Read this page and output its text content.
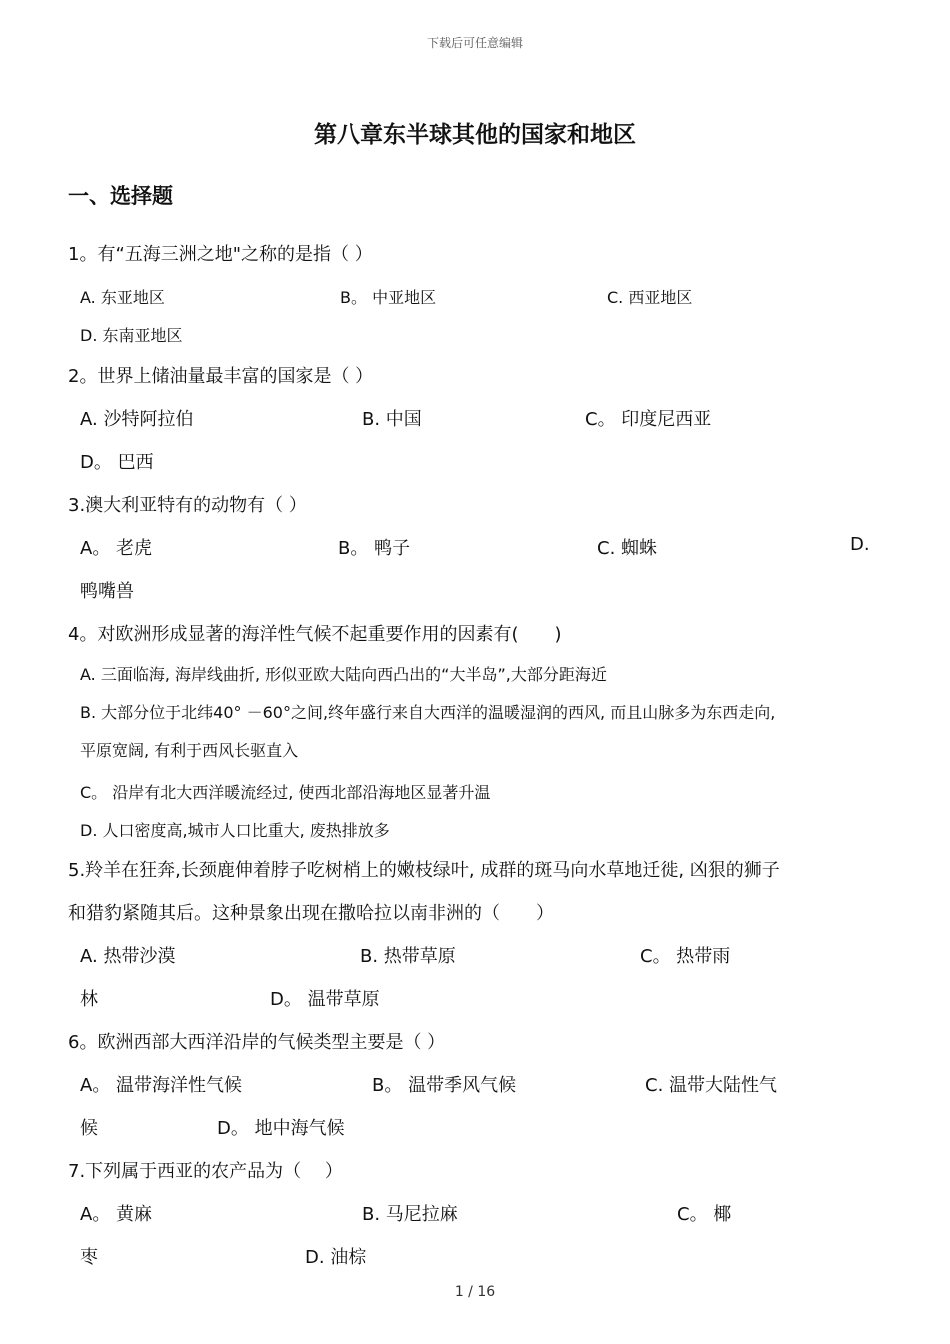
下载后可任意编辑
第八章东半球其他的国家和地区
一、选择题
1。有“五海三洲之地"之称的是指（ ）
A. 东亚地区	B。 中亚地区	C. 西亚地区
D. 东南亚地区
2。世界上储油量最丰富的国家是（ ）
A. 沙特阿拉伯	B. 中国	C。 印度尼西亚
D。 巴西
3.澳大利亚特有的动物有（ ）
A。 老虎	B。 鸭子	C. 蜘蛛	D.
鸭嘴兽
4。对欧洲形成显著的海洋性气候不起重要作用的因素有(　　)
A. 三面临海, 海岸线曲折, 形似亚欧大陆向西凸出的“大半岛”,大部分距海近
B. 大部分位于北纬40° －60°之间,终年盛行来自大西洋的温暖湿润的西风, 而且山脉多为东西走向,
平原宽阔, 有利于西风长驱直入
C。 沿岸有北大西洋暖流经过, 使西北部沿海地区显著升温
D. 人口密度高,城市人口比重大, 废热排放多
5.羚羊在狂奔,长颈鹿伸着脖子吃树梢上的嫩枝绿叶, 成群的斑马向水草地迁徙, 凶狠的狮子
和猎豹紧随其后。这种景象出现在撒哈拉以南非洲的（　　）
A. 热带沙漠	B. 热带草原	C。 热带雨
林	D。 温带草原
6。欧洲西部大西洋沿岸的气候类型主要是（ ）
A。 温带海洋性气候	B。 温带季风气候	C. 温带大陆性气
候	D。 地中海气候
7.下列属于西亚的农产品为（　 ）
A。 黄麻	B. 马尼拉麻	C。 椰
枣	D. 油棕
1 / 16
